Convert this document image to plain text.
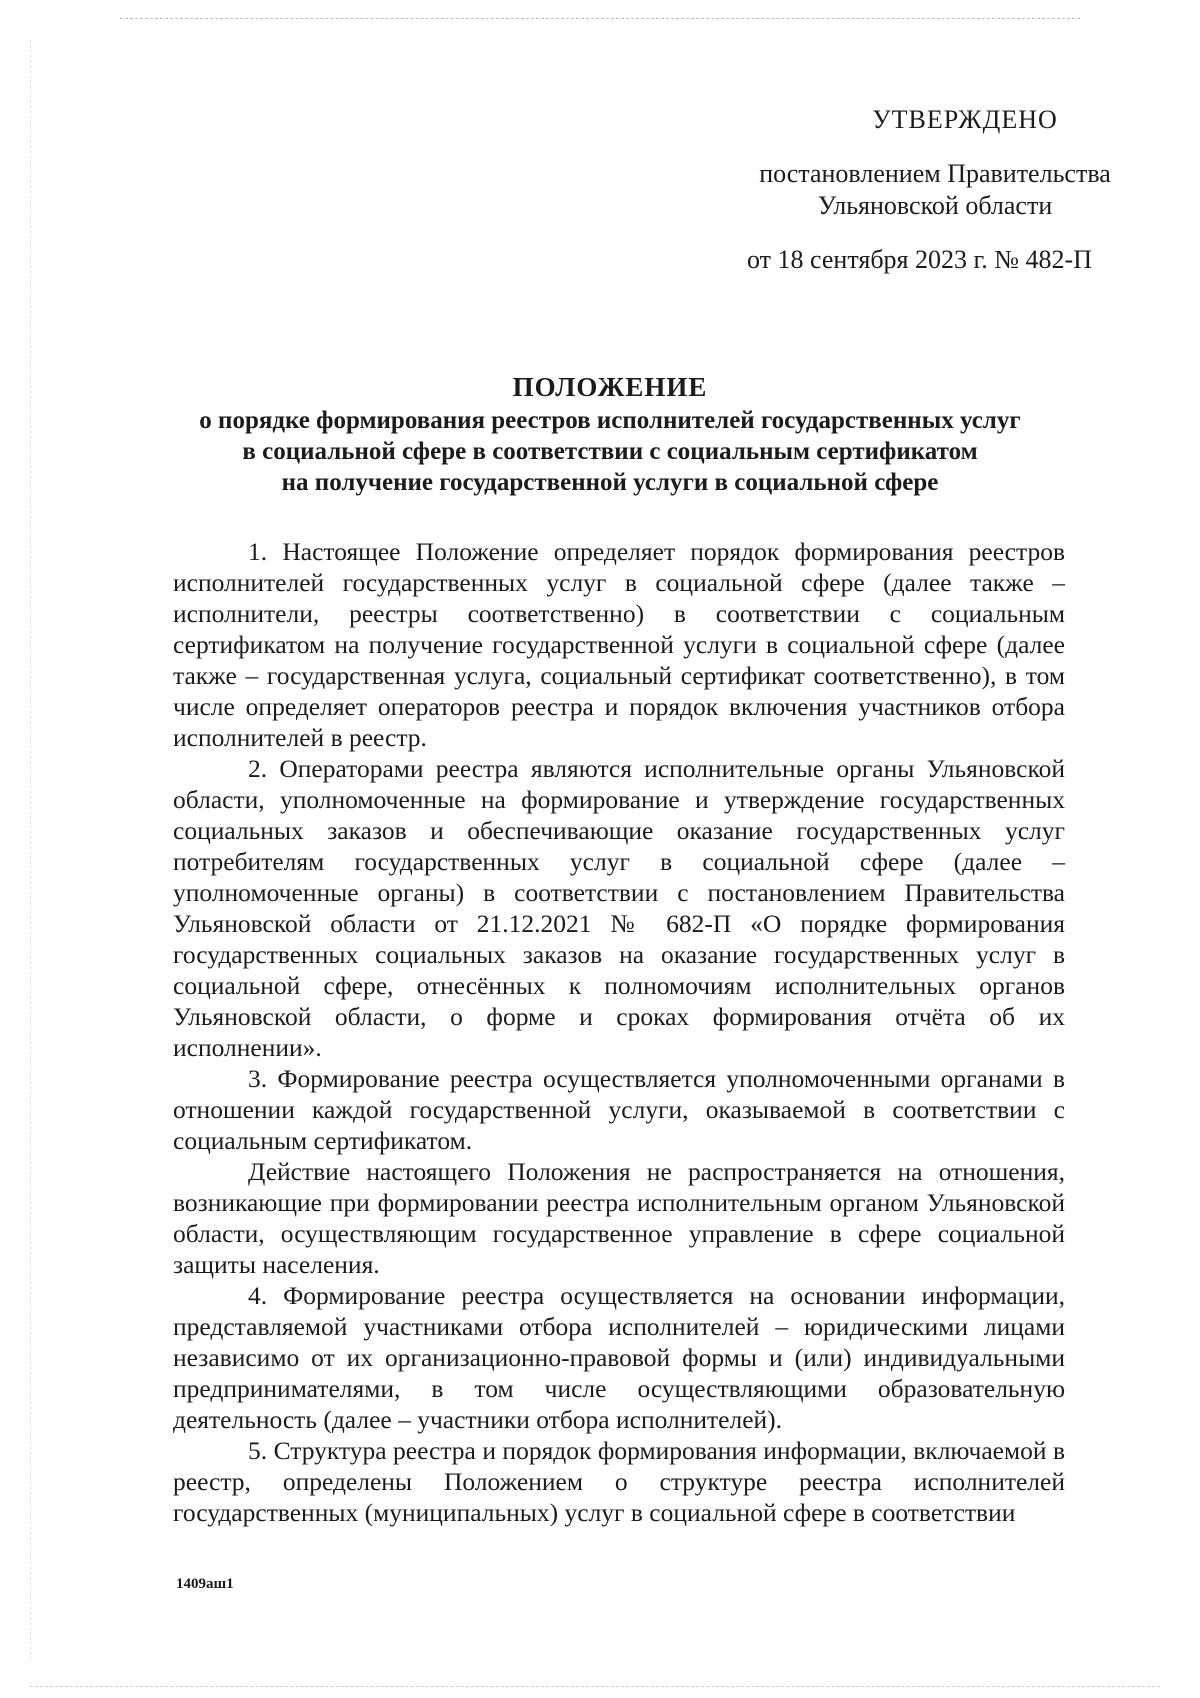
УТВЕРЖДЕНО
постановлением Правительства
Ульяновской области
от 18 сентября 2023 г. № 482-П
ПОЛОЖЕНИЕ
о порядке формирования реестров исполнителей государственных услуг
в социальной сфере в соответствии с социальным сертификатом
на получение государственной услуги в социальной сфере

1. Настоящее Положение определяет порядок формирования реестров исполнителей государственных услуг в социальной сфере (далее также – исполнители, реестры соответственно) в соответствии с социальным сертификатом на получение государственной услуги в социальной сфере (далее также – государственная услуга, социальный сертификат соответственно), в том числе определяет операторов реестра и порядок включения участников отбора исполнителей в реестр.

2. Операторами реестра являются исполнительные органы Ульяновской области, уполномоченные на формирование и утверждение государственных социальных заказов и обеспечивающие оказание государственных услуг потребителям государственных услуг в социальной сфере (далее – уполномоченные органы) в соответствии с постановлением Правительства Ульяновской области от 21.12.2021 № 682-П «О порядке формирования государственных социальных заказов на оказание государственных услуг в социальной сфере, отнесённых к полномочиям исполнительных органов Ульяновской области, о форме и сроках формирования отчёта об их исполнении».

3. Формирование реестра осуществляется уполномоченными органами в отношении каждой государственной услуги, оказываемой в соответствии с социальным сертификатом.

Действие настоящего Положения не распространяется на отношения, возникающие при формировании реестра исполнительным органом Ульяновской области, осуществляющим государственное управление в сфере социальной защиты населения.

4. Формирование реестра осуществляется на основании информации, представляемой участниками отбора исполнителей – юридическими лицами независимо от их организационно-правовой формы и (или) индивидуальными предпринимателями, в том числе осуществляющими образовательную деятельность (далее – участники отбора исполнителей).

5. Структура реестра и порядок формирования информации, включаемой в реестр, определены Положением о структуре реестра исполнителей государственных (муниципальных) услуг в социальной сфере в соответствии

1409аш1
